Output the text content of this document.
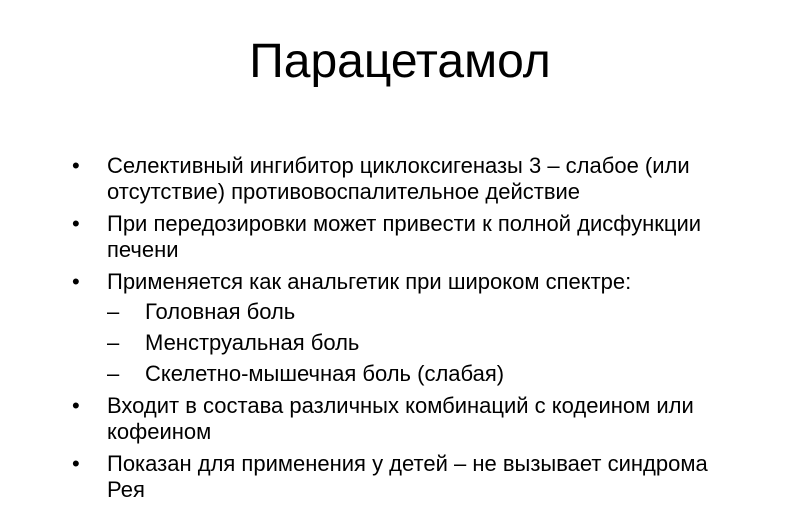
Парацетамол
• Селективный ингибитор циклоксигеназы 3 – слабое (или отсутствие) противовоспалительное действие
• При передозировки может привести к полной дисфункции печени
• Применяется как анальгетик при широком спектре:
– Головная боль
– Менструальная боль
– Скелетно-мышечная боль (слабая)
• Входит в состава различных комбинаций с кодеином или кофеином
• Показан для применения у детей – не вызывает синдрома Рея
